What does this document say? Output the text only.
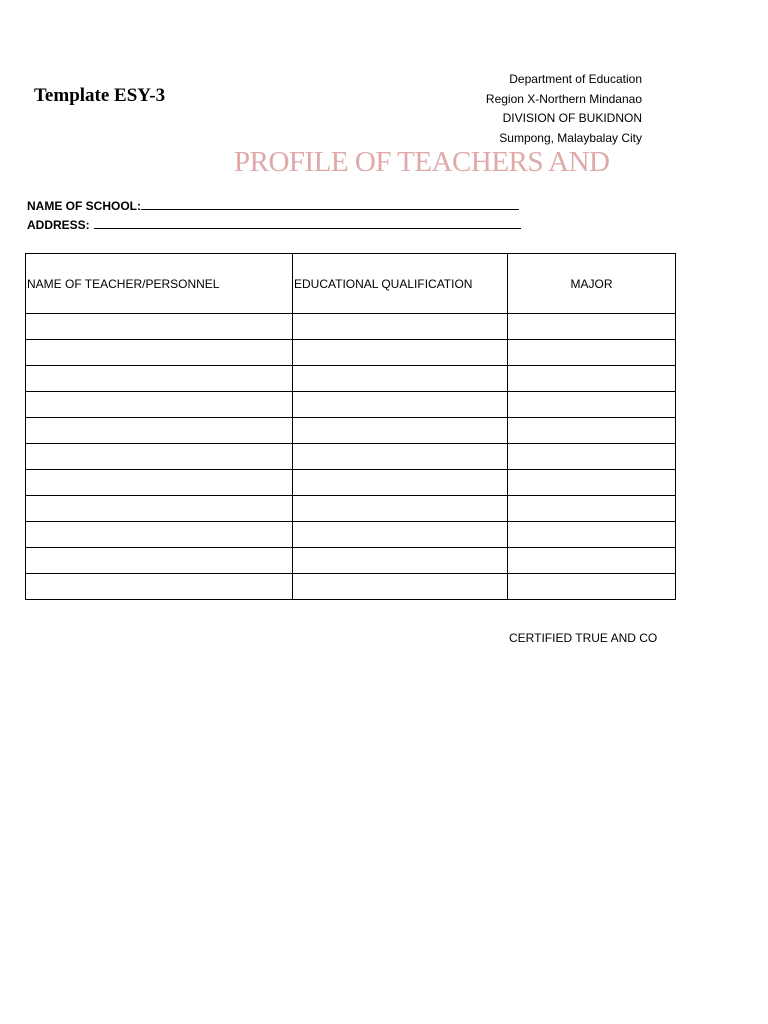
Template ESY-3
Department of Education
Region X-Northern Mindanao
DIVISION OF BUKIDNON
Sumpong, Malaybalay City
PROFILE OF TEACHERS AND
NAME OF SCHOOL:
ADDRESS:
NAME OF TEACHER/PERSONNEL	EDUCATIONAL QUALIFICATION	MAJOR

CERTIFIED TRUE AND CO
